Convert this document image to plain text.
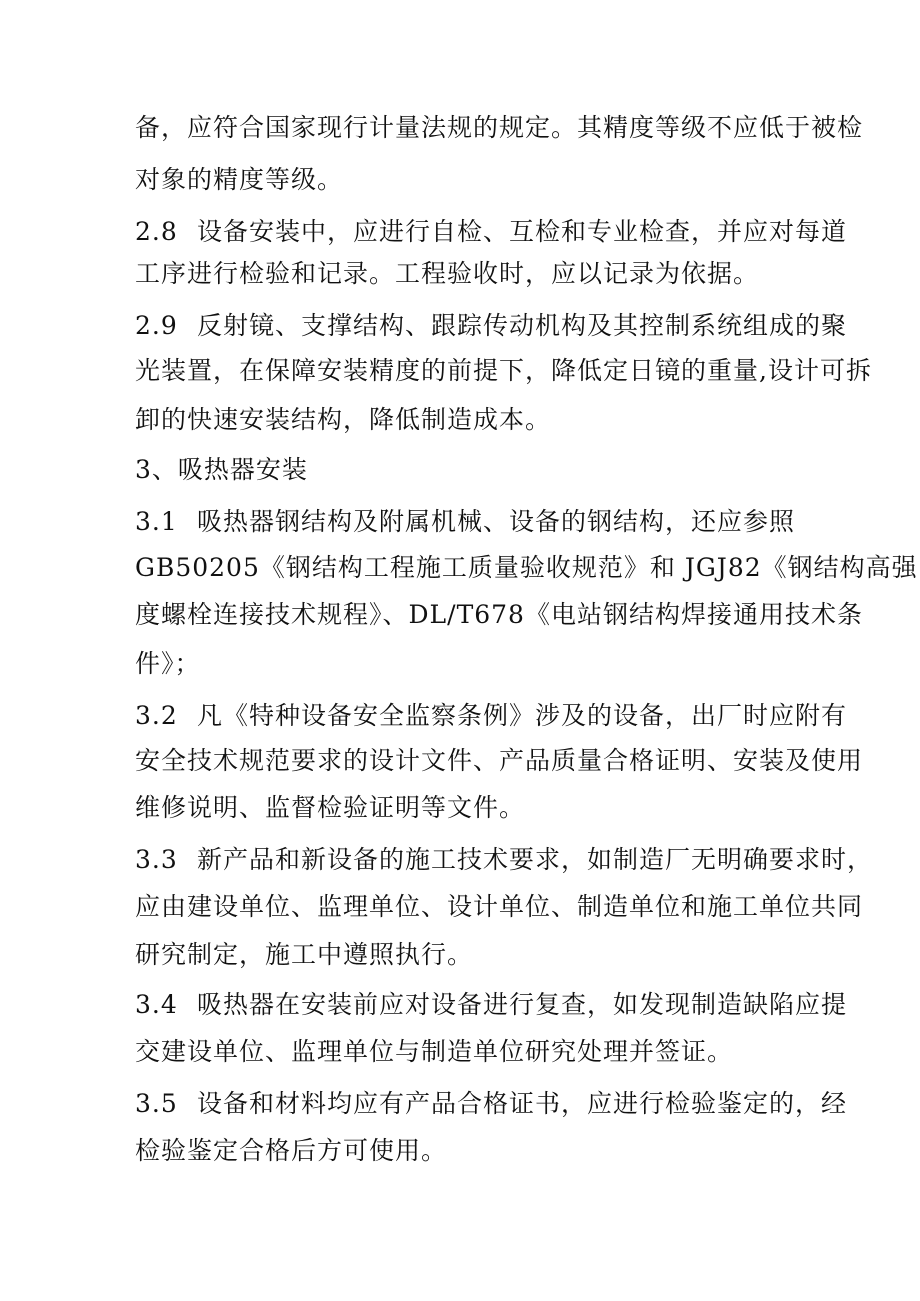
备，应符合国家现行计量法规的规定。其精度等级不应低于被检
对象的精度等级。
2.8 设备安装中，应进行自检、互检和专业检查，并应对每道
工序进行检验和记录。工程验收时，应以记录为依据。
2.9 反射镜、支撑结构、跟踪传动机构及其控制系统组成的聚
光装置，在保障安装精度的前提下，降低定日镜的重量,设计可拆
卸的快速安装结构，降低制造成本。
3、吸热器安装
3.1 吸热器钢结构及附属机械、设备的钢结构，还应参照
GB50205《钢结构工程施工质量验收规范》和 JGJ82《钢结构高强
度螺栓连接技术规程》、DL/T678《电站钢结构焊接通用技术条
件》；
3.2 凡《特种设备安全监察条例》涉及的设备，出厂时应附有
安全技术规范要求的设计文件、产品质量合格证明、安装及使用
维修说明、监督检验证明等文件。
3.3 新产品和新设备的施工技术要求，如制造厂无明确要求时，
应由建设单位、监理单位、设计单位、制造单位和施工单位共同
研究制定，施工中遵照执行。
3.4 吸热器在安装前应对设备进行复查，如发现制造缺陷应提
交建设单位、监理单位与制造单位研究处理并签证。
3.5 设备和材料均应有产品合格证书，应进行检验鉴定的，经
检验鉴定合格后方可使用。
